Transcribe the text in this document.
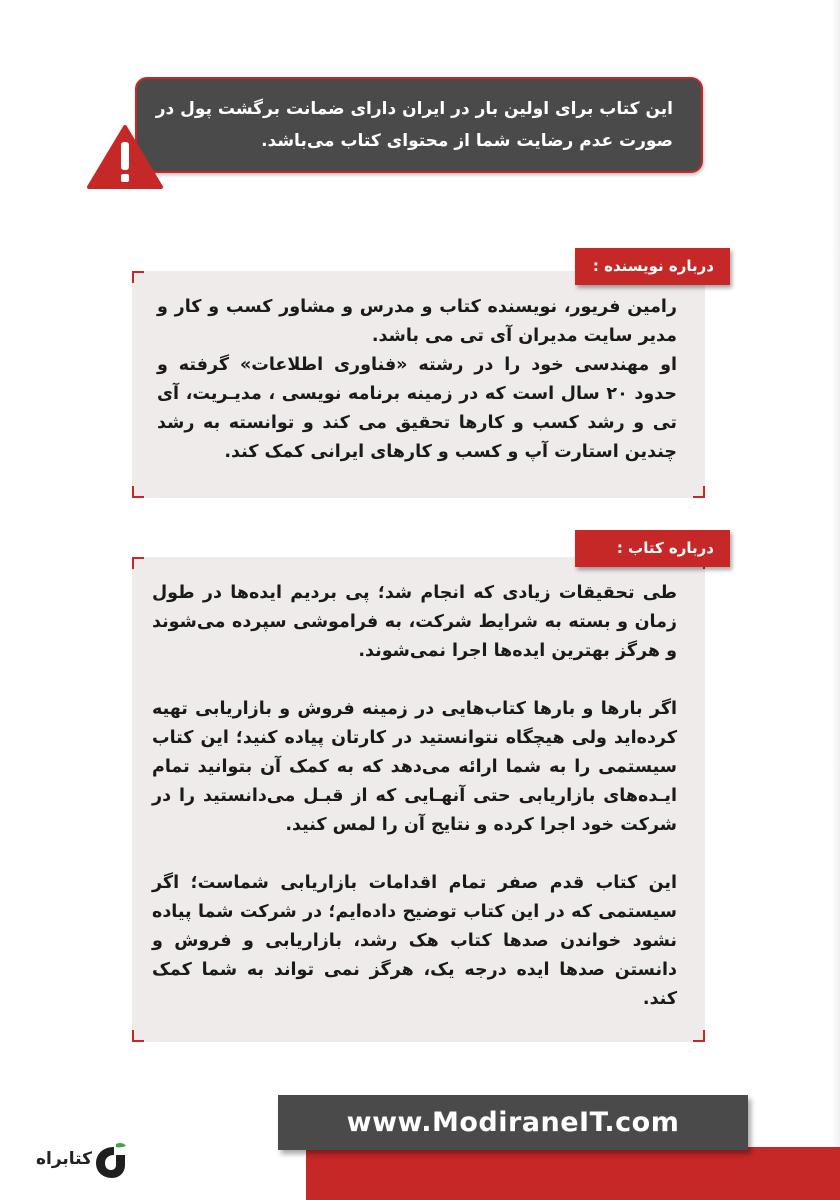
این کتاب برای اولین بار در ایران دارای ضمانت برگشت پول در صورت عدم رضایت شما از محتوای کتاب می‌باشد.

رامین فریور، نویسنده کتاب و مدرس و مشاور کسب و کار و مدیر سایت مدیران آی تی می باشد.

او مهندسی خود را در رشته «فناوری اطلاعات» گرفته و حدود ۲۰ سال است که در زمینه برنامه نویسی ، مدیـریت، آی تی و رشد کسب و کارها تحقیق می کند و توانسته به رشد چندین استارت آپ و کسب و کارهای ایرانی کمک کند.

درباره نویسنده :

طی تحقیقات زیادی که انجام شد؛ پی بردیم ایده‌ها در طول زمان و بسته به شرایط شرکت، به فراموشی سپرده می‌شوند و هرگز بهترین ایده‌ها اجرا نمی‌شوند.

اگر بارها و بارها کتاب‌هایی در زمینه فروش و بازاریابی تهیه کرده‌اید ولی هیچگاه نتوانستید در کارتان پیاده کنید؛ این کتاب سیستمی را به شما ارائه می‌دهد که به کمک آن بتوانید تمام ایـده‌های بازاریابی حتی آنهـایی که از قبـل می‌دانستید را در شرکت خود اجرا کرده و نتایج آن را لمس کنید.

این کتاب قدم صفر تمام اقدامات بازاریابی شماست؛ اگر سیستمی که در این کتاب توضیح داده‌ایم؛ در شرکت شما پیاده نشود خواندن صدها کتاب هک رشد، بازاریابی و فروش و دانستن صدها ایده درجه یک، هرگز نمی تواند به شما کمک کند.

درباره کتاب :
www.ModiraneIT.com
کتابراه
